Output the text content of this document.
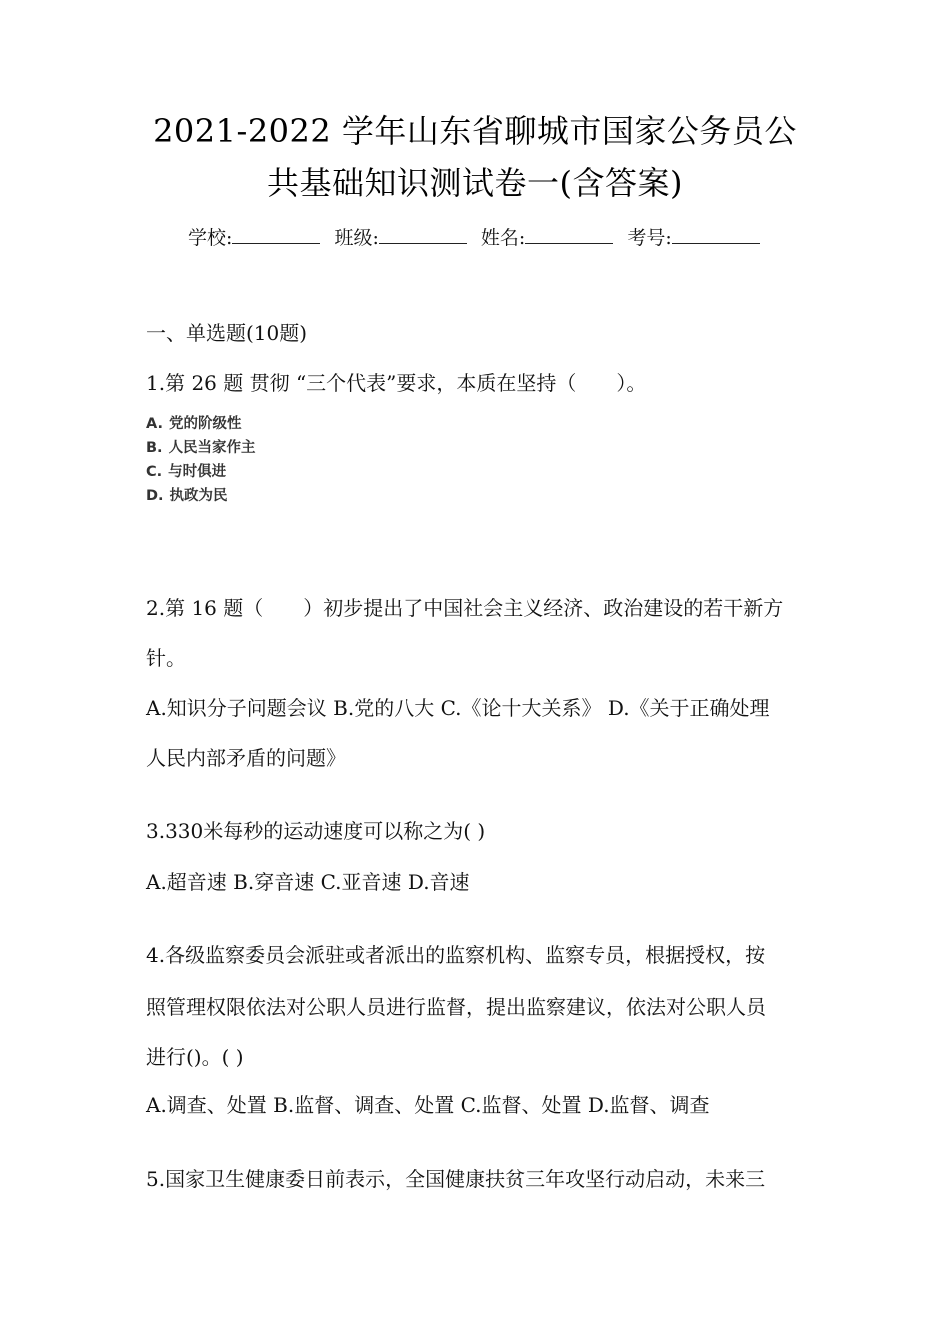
2021-2022 学年山东省聊城市国家公务员公
共基础知识测试卷一(含答案)
学校:	班级:	姓名:	考号:
一、单选题(10题)
1.第 26 题 贯彻 “三个代表”要求，本质在坚持（　　）。
A. 党的阶级性
B. 人民当家作主
C. 与时俱进
D. 执政为民
2.第 16 题（　　）初步提出了中国社会主义经济、政治建设的若干新方
针。
A.知识分子问题会议 B.党的八大 C.《论十大关系》 D.《关于正确处理
人民内部矛盾的问题》
3.330米每秒的运动速度可以称之为( )
A.超音速 B.穿音速 C.亚音速 D.音速
4.各级监察委员会派驻或者派出的监察机构、监察专员，根据授权，按
照管理权限依法对公职人员进行监督，提出监察建议，依法对公职人员
进行()。( )
A.调查、处置 B.监督、调查、处置 C.监督、处置 D.监督、调查
5.国家卫生健康委日前表示，全国健康扶贫三年攻坚行动启动，未来三
